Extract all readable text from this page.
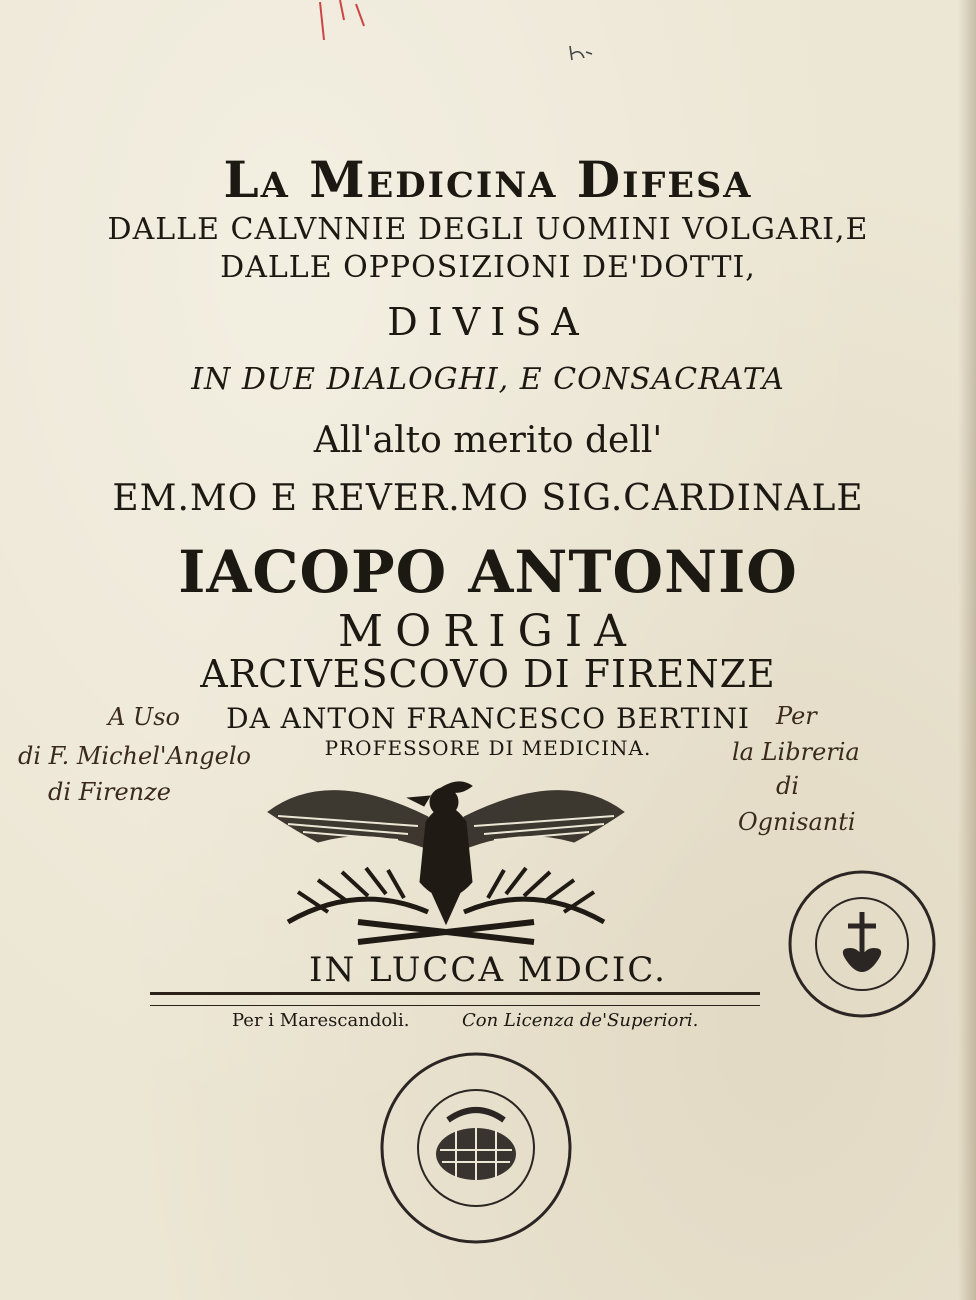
La Medicina Difesa
DALLE CALVNNIE DEGLI UOMINI VOLGARI,E
DALLE OPPOSIZIONI DE'DOTTI,
DIVISA
IN DUE DIALOGHI, E CONSACRATA
All'alto merito dell'
EM.MO E REVER.MO SIG.CARDINALE
IACOPO ANTONIO
MORIGIA
ARCIVESCOVO DI FIRENZE
DA ANTON FRANCESCO BERTINI
PROFESSORE DI MEDICINA.
A Uso
di F. Michel'Angelo
di Firenze
Per
la Libreria
di
Ognisanti
IN LUCCA MDCIC.
Per i Marescandoli.	Con Licenza de'Superiori.
